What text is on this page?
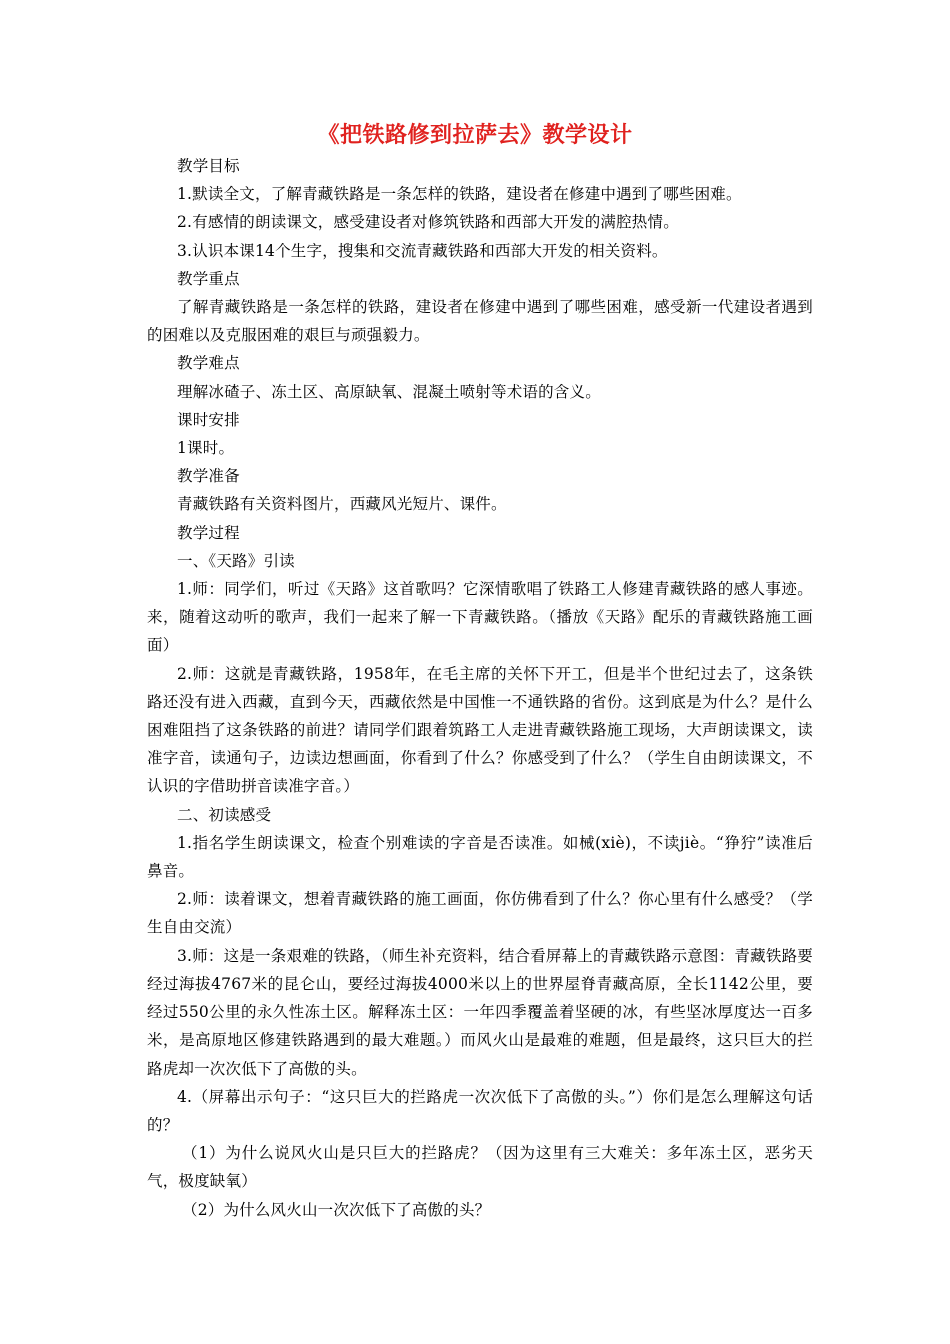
《把铁路修到拉萨去》教学设计

教学目标

1.默读全文，了解青藏铁路是一条怎样的铁路，建设者在修建中遇到了哪些困难。

2.有感情的朗读课文，感受建设者对修筑铁路和西部大开发的满腔热情。

3.认识本课14个生字，搜集和交流青藏铁路和西部大开发的相关资料。

教学重点

了解青藏铁路是一条怎样的铁路，建设者在修建中遇到了哪些困难，感受新一代建设者遇到的困难以及克服困难的艰巨与顽强毅力。

教学难点

理解冰碴子、冻土区、高原缺氧、混凝土喷射等术语的含义。

课时安排

1课时。

教学准备

青藏铁路有关资料图片，西藏风光短片、课件。

教学过程

一、《天路》引读

1.师：同学们，听过《天路》这首歌吗？它深情歌唱了铁路工人修建青藏铁路的感人事迹。来，随着这动听的歌声，我们一起来了解一下青藏铁路。（播放《天路》配乐的青藏铁路施工画面）

2.师：这就是青藏铁路，1958年，在毛主席的关怀下开工，但是半个世纪过去了，这条铁路还没有进入西藏，直到今天，西藏依然是中国惟一不通铁路的省份。这到底是为什么？是什么困难阻挡了这条铁路的前进？请同学们跟着筑路工人走进青藏铁路施工现场，大声朗读课文，读准字音，读通句子，边读边想画面，你看到了什么？你感受到了什么？（学生自由朗读课文，不认识的字借助拼音读准字音。）

二、初读感受

1.指名学生朗读课文，检查个别难读的字音是否读准。如械(xiè)，不读jiè。“狰狞”读准后鼻音。

2.师：读着课文，想着青藏铁路的施工画面，你仿佛看到了什么？你心里有什么感受？（学生自由交流）

3.师：这是一条艰难的铁路，（师生补充资料，结合看屏幕上的青藏铁路示意图：青藏铁路要经过海拔4767米的昆仑山，要经过海拔4000米以上的世界屋脊青藏高原，全长1142公里，要经过550公里的永久性冻土区。解释冻土区：一年四季覆盖着坚硬的冰，有些坚冰厚度达一百多米，是高原地区修建铁路遇到的最大难题。）而风火山是最难的难题，但是最终，这只巨大的拦路虎却一次次低下了高傲的头。

4.（屏幕出示句子：“这只巨大的拦路虎一次次低下了高傲的头。”）你们是怎么理解这句话的？

（1）为什么说风火山是只巨大的拦路虎？（因为这里有三大难关：多年冻土区，恶劣天气，极度缺氧）

（2）为什么风火山一次次低下了高傲的头？
